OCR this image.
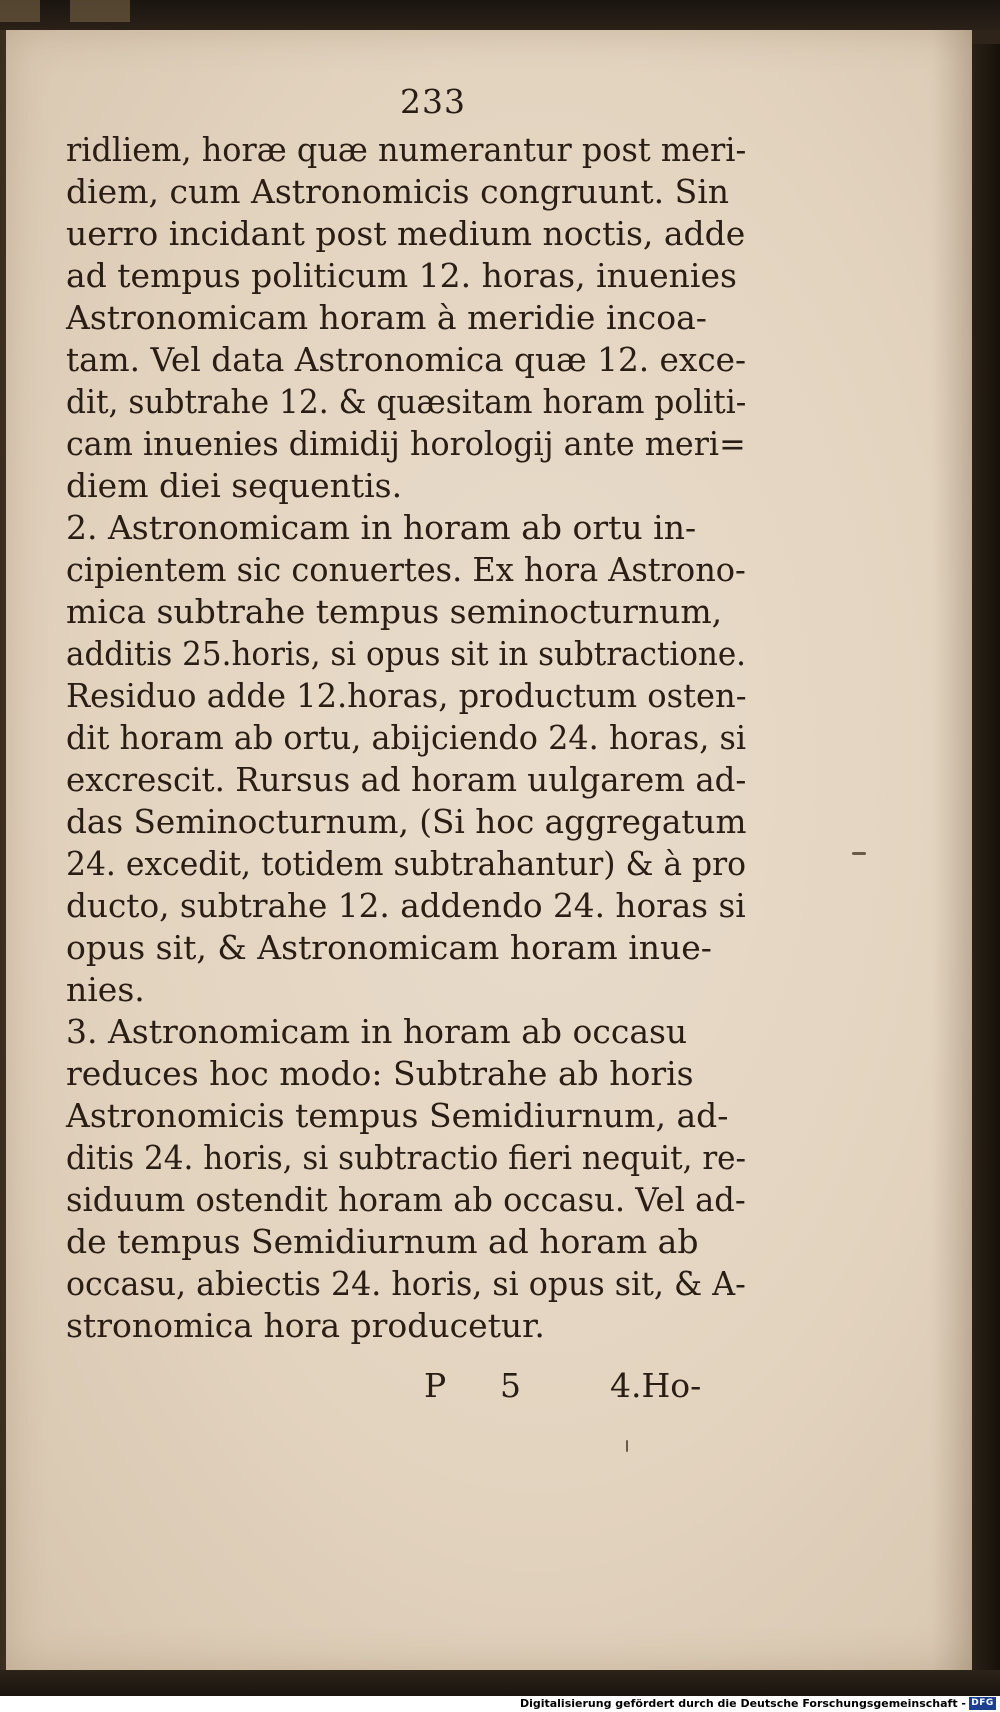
233
ridliem, horæ quæ numerantur post meri-
diem, cum Astronomicis congruunt. Sin
uerro incidant post medium noctis, adde
ad tempus politicum 12. horas, inuenies
Astronomicam horam à meridie incoa-
tam. Vel data Astronomica quæ 12. exce-
dit, subtrahe 12. & quæsitam horam politi-
cam inuenies dimidij horologij ante meri=
diem diei sequentis.
2. Astronomicam in horam ab ortu in-
cipientem sic conuertes. Ex hora Astrono-
mica subtrahe tempus seminocturnum,
additis 25.horis, si opus sit in subtractione.
Residuo adde 12.horas, productum osten-
dit horam ab ortu, abijciendo 24. horas, si
excrescit. Rursus ad horam uulgarem ad-
das Seminocturnum, (Si hoc aggregatum
24. excedit, totidem subtrahantur) & à pro
ducto, subtrahe 12. addendo 24. horas si
opus sit, & Astronomicam horam inue-
nies.
3. Astronomicam in horam ab occasu
reduces hoc modo: Subtrahe ab horis
Astronomicis tempus Semidiurnum, ad-
ditis 24. horis, si subtractio fieri nequit, re-
siduum ostendit horam ab occasu. Vel ad-
de tempus Semidiurnum ad horam ab
occasu, abiectis 24. horis, si opus sit, & A-
stronomica hora producetur.
P 5	4.Ho-
Digitalisierung gefördert durch die Deutsche Forschungsgemeinschaft - DFG
